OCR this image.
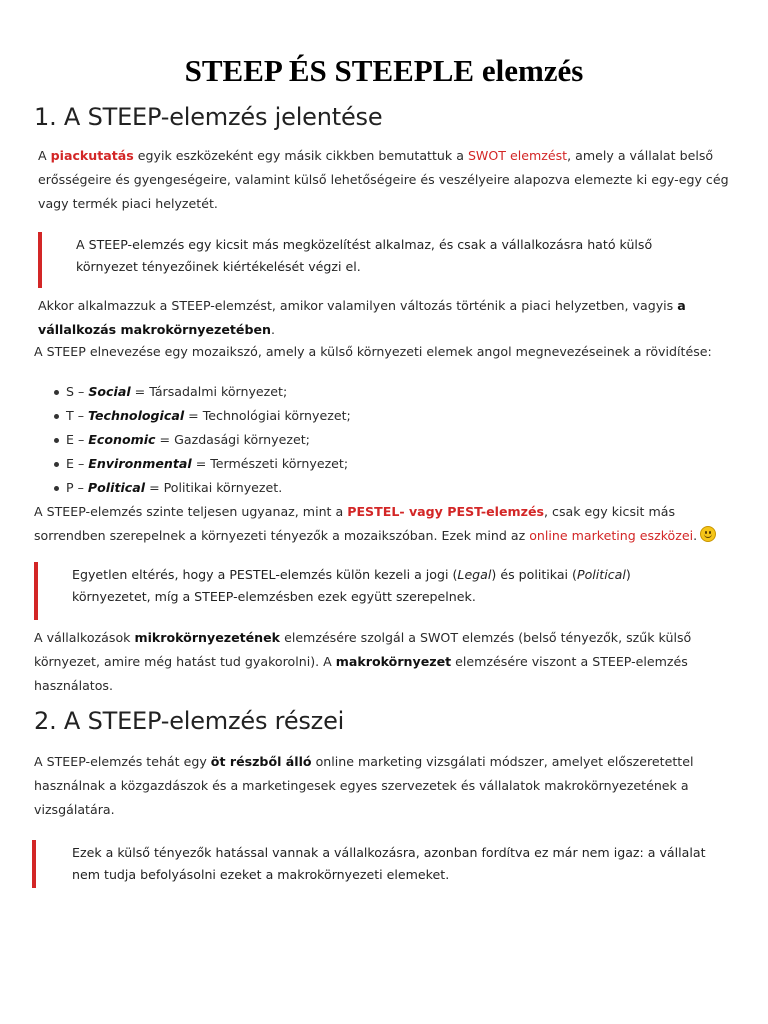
STEEP ÉS STEEPLE elemzés
1. A STEEP-elemzés jelentése

A piackutatás egyik eszközeként egy másik cikkben bemutattuk a SWOT elemzést, amely a vállalat belső erősségeire és gyengeségeire, valamint külső lehetőségeire és veszélyeire alapozva elemezte ki egy-egy cég vagy termék piaci helyzetét.

A STEEP-elemzés egy kicsit más megközelítést alkalmaz, és csak a vállalkozásra ható külső környezet tényezőinek kiértékelését végzi el.

Akkor alkalmazzuk a STEEP-elemzést, amikor valamilyen változás történik a piaci helyzetben, vagyis a vállalkozás makrokörnyezetében.

A STEEP elnevezése egy mozaikszó, amely a külső környezeti elemek angol megnevezéseinek a rövidítése:

S – Social = Társadalmi környezet;
T – Technological = Technológiai környezet;
E – Economic = Gazdasági környezet;
E – Environmental = Természeti környezet;
P – Political = Politikai környezet.

A STEEP-elemzés szinte teljesen ugyanaz, mint a PESTEL- vagy PEST-elemzés, csak egy kicsit más sorrendben szerepelnek a környezeti tényezők a mozaikszóban. Ezek mind az online marketing eszközei.

Egyetlen eltérés, hogy a PESTEL-elemzés külön kezeli a jogi (Legal) és politikai (Political) környezetet, míg a STEEP-elemzésben ezek együtt szerepelnek.

A vállalkozások mikrokörnyezetének elemzésére szolgál a SWOT elemzés (belső tényezők, szűk külső környezet, amire még hatást tud gyakorolni). A makrokörnyezet elemzésére viszont a STEEP-elemzés használatos.

2. A STEEP-elemzés részei

A STEEP-elemzés tehát egy öt részből álló online marketing vizsgálati módszer, amelyet előszeretettel használnak a közgazdászok és a marketingesek egyes szervezetek és vállalatok makrokörnyezetének a vizsgálatára.

Ezek a külső tényezők hatással vannak a vállalkozásra, azonban fordítva ez már nem igaz: a vállalat nem tudja befolyásolni ezeket a makrokörnyezeti elemeket.
